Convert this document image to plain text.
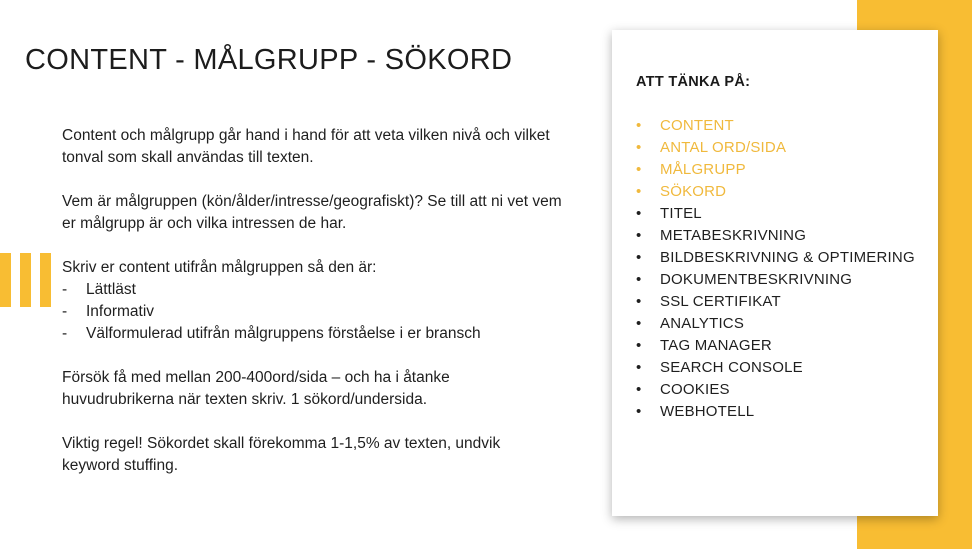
CONTENT - MÅLGRUPP - SÖKORD

Content och målgrupp går hand i hand för att veta vilken nivå och vilket tonval som skall användas till texten.

Vem är målgruppen (kön/ålder/intresse/geografiskt)? Se till att ni vet vem er målgrupp är och vilka intressen de har.

Skriv er content utifrån målgruppen så den är:
- Lättläst
- Informativ
- Välformulerad utifrån målgruppens förståelse i er bransch

Försök få med mellan 200-400ord/sida – och ha i åtanke huvudrubrikerna när texten skriv. 1 sökord/undersida.

Viktig regel! Sökordet skall förekomma 1-1,5% av texten, undvik keyword stuffing.

ATT TÄNKA PÅ:
• CONTENT
• ANTAL ORD/SIDA
• MÅLGRUPP
• SÖKORD
• TITEL
• METABESKRIVNING
• BILDBESKRIVNING & OPTIMERING
• DOKUMENTBESKRIVNING
• SSL CERTIFIKAT
• ANALYTICS
• TAG MANAGER
• SEARCH CONSOLE
• COOKIES
• WEBHOTELL
